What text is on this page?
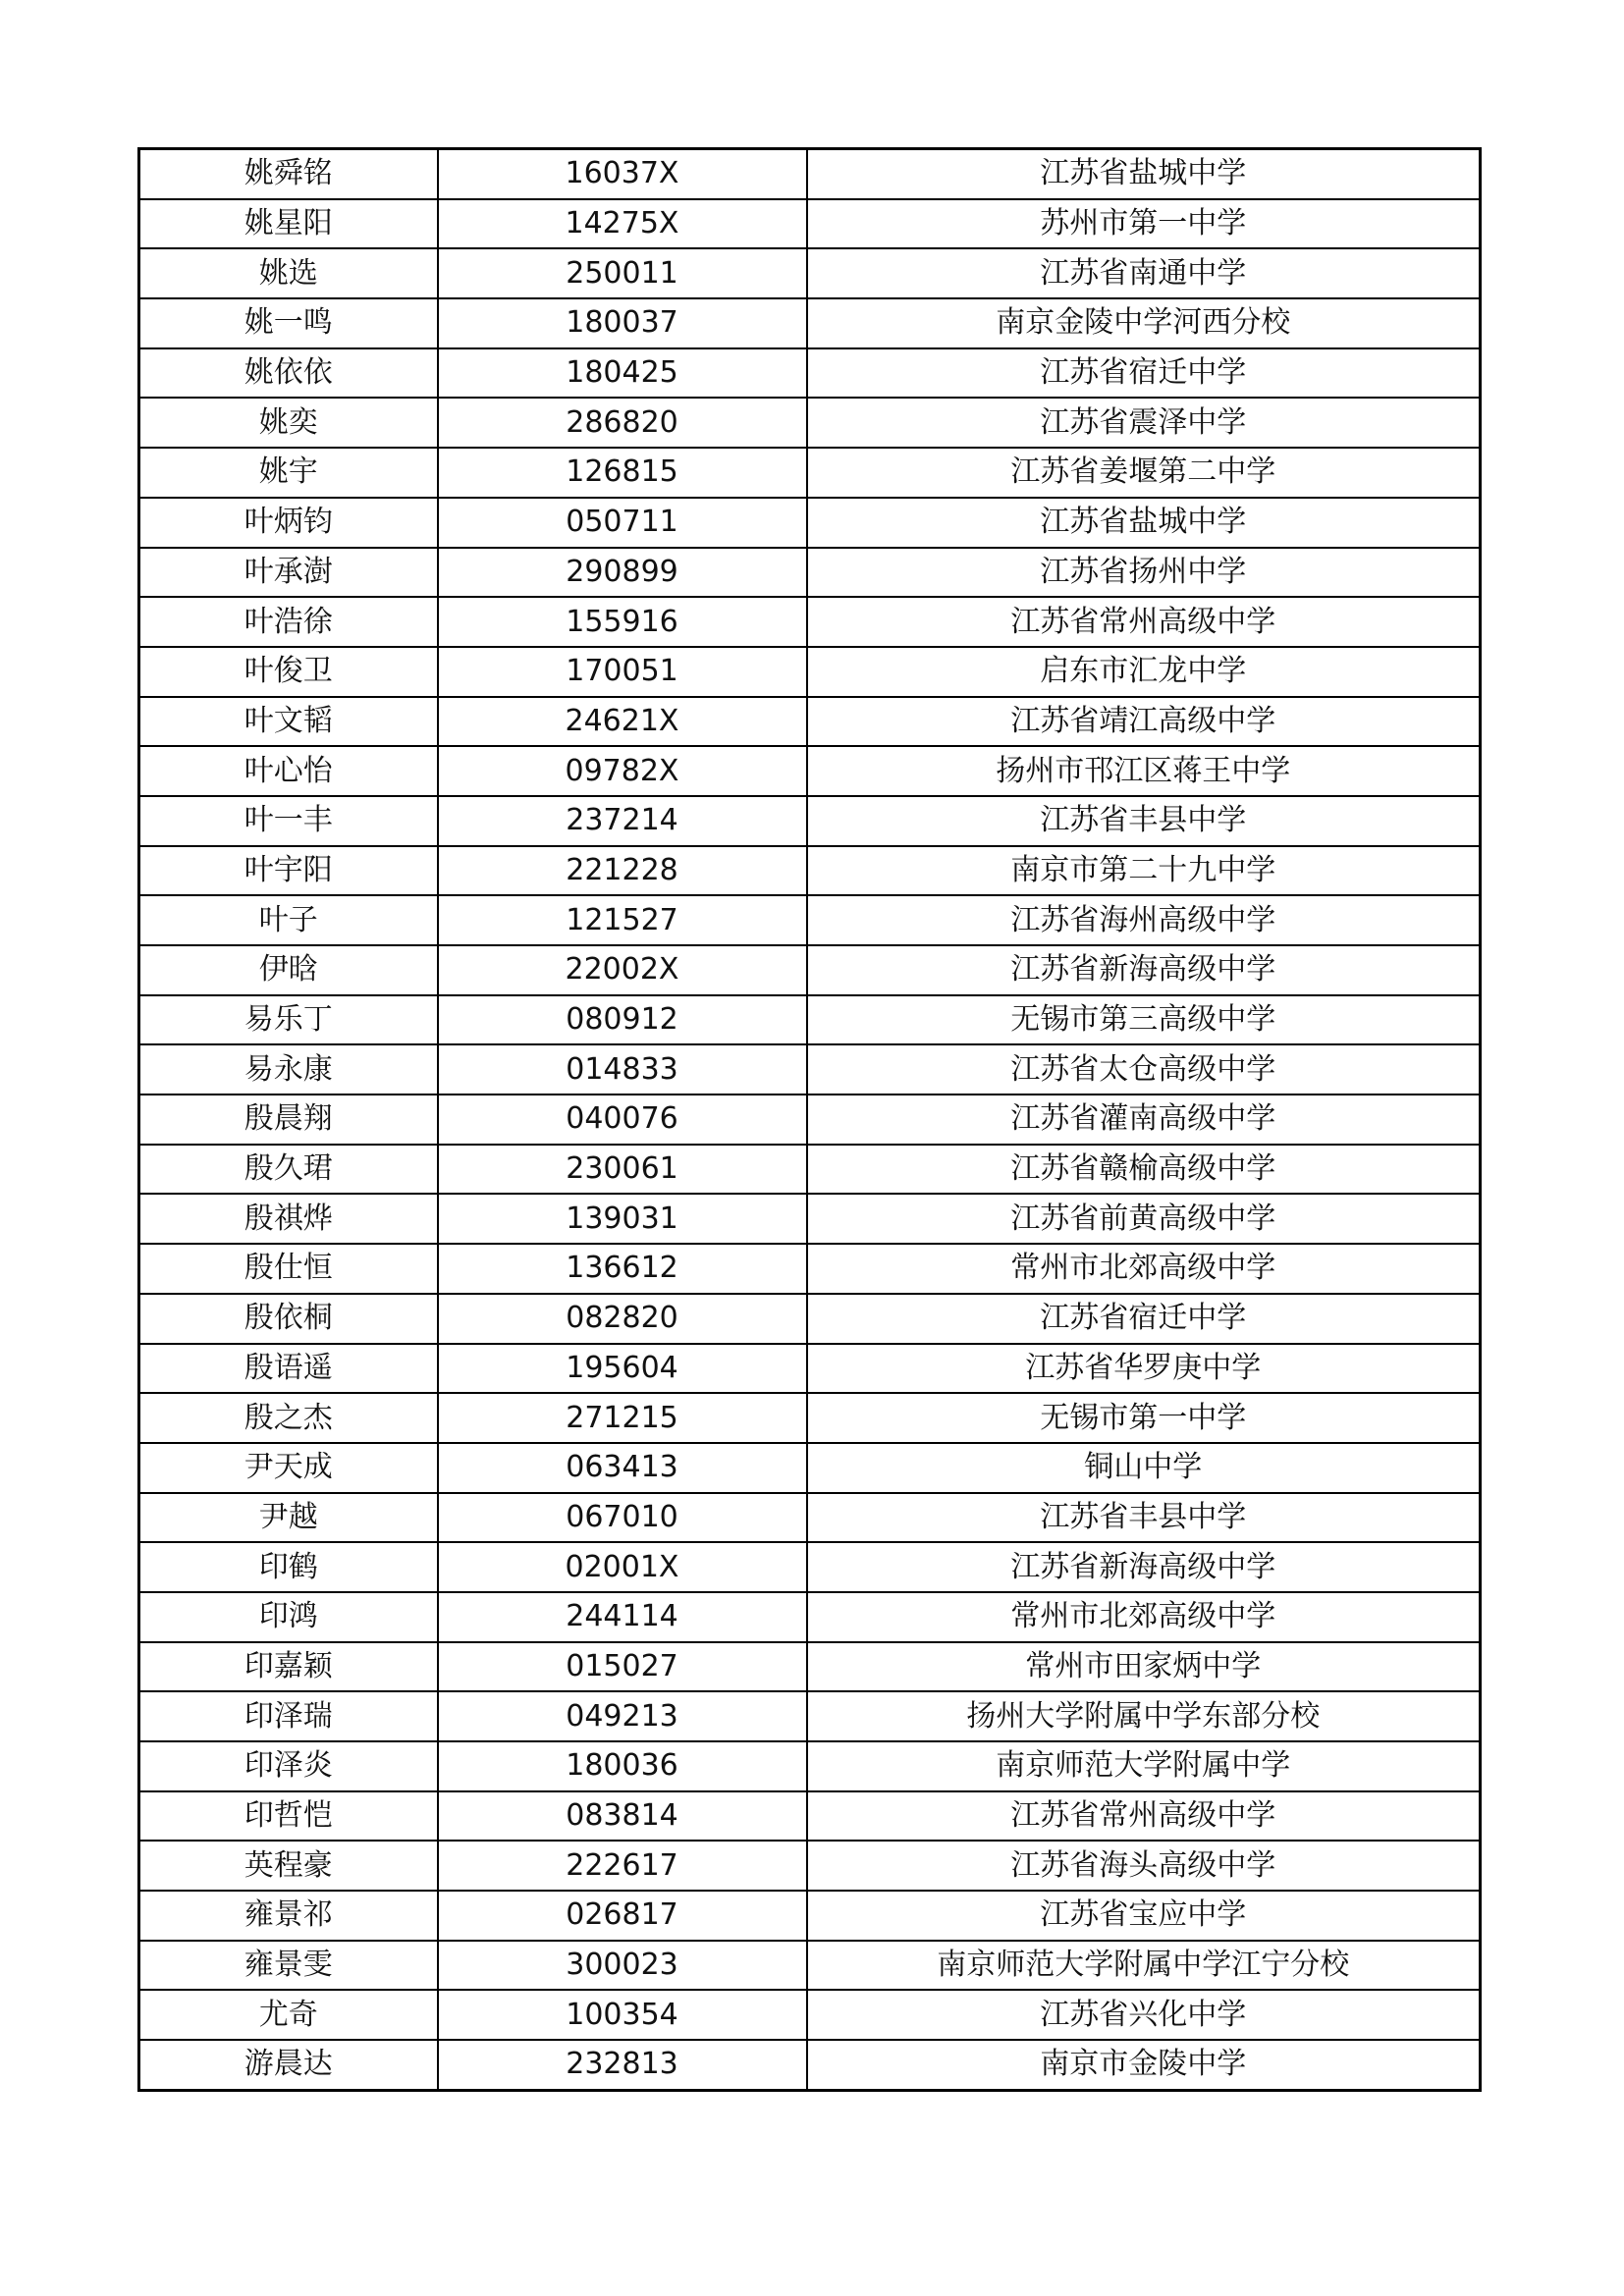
姚舜铭	16037X	江苏省盐城中学
姚星阳	14275X	苏州市第一中学
姚选	250011	江苏省南通中学
姚一鸣	180037	南京金陵中学河西分校
姚依依	180425	江苏省宿迁中学
姚奕	286820	江苏省震泽中学
姚宇	126815	江苏省姜堰第二中学
叶炳钧	050711	江苏省盐城中学
叶承澍	290899	江苏省扬州中学
叶浩徐	155916	江苏省常州高级中学
叶俊卫	170051	启东市汇龙中学
叶文韬	24621X	江苏省靖江高级中学
叶心怡	09782X	扬州市邗江区蒋王中学
叶一丰	237214	江苏省丰县中学
叶宇阳	221228	南京市第二十九中学
叶子	121527	江苏省海州高级中学
伊晗	22002X	江苏省新海高级中学
易乐丁	080912	无锡市第三高级中学
易永康	014833	江苏省太仓高级中学
殷晨翔	040076	江苏省灌南高级中学
殷久珺	230061	江苏省赣榆高级中学
殷祺烨	139031	江苏省前黄高级中学
殷仕恒	136612	常州市北郊高级中学
殷依桐	082820	江苏省宿迁中学
殷语遥	195604	江苏省华罗庚中学
殷之杰	271215	无锡市第一中学
尹天成	063413	铜山中学
尹越	067010	江苏省丰县中学
印鹤	02001X	江苏省新海高级中学
印鸿	244114	常州市北郊高级中学
印嘉颖	015027	常州市田家炳中学
印泽瑞	049213	扬州大学附属中学东部分校
印泽炎	180036	南京师范大学附属中学
印哲恺	083814	江苏省常州高级中学
英程豪	222617	江苏省海头高级中学
雍景祁	026817	江苏省宝应中学
雍景雯	300023	南京师范大学附属中学江宁分校
尤奇	100354	江苏省兴化中学
游晨达	232813	南京市金陵中学
